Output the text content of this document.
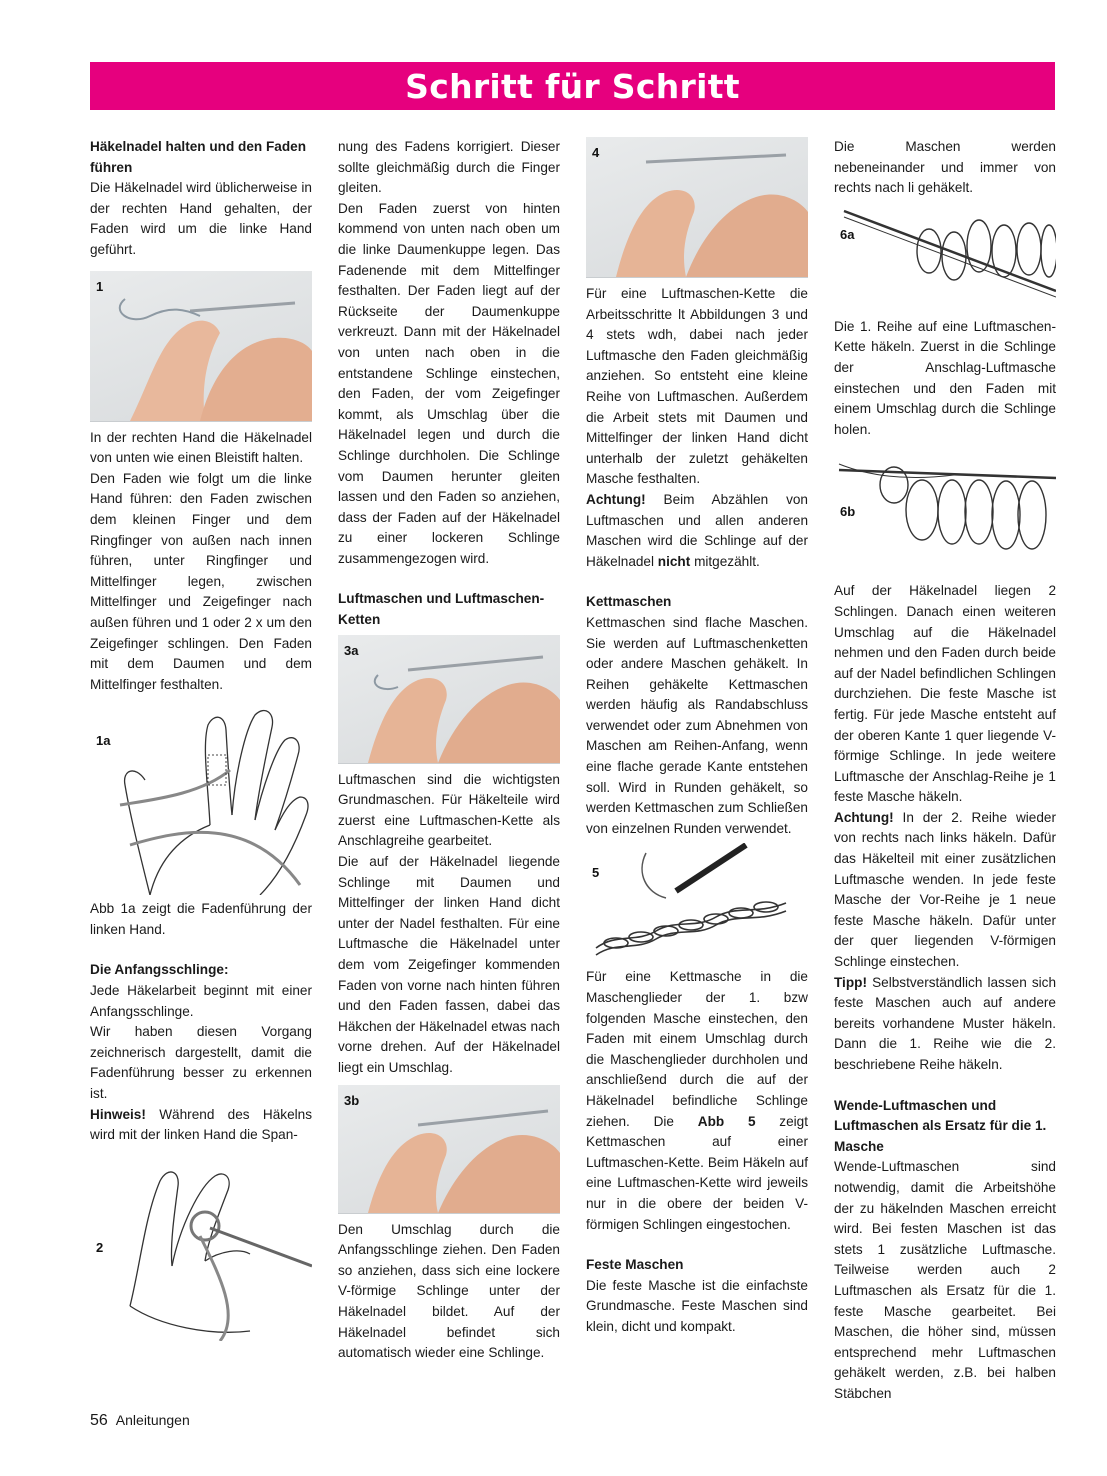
Schritt für Schritt

Häkelnadel halten und den Faden führen

Die Häkelnadel wird üblicherweise in der rechten Hand gehalten, der Faden wird um die linke Hand geführt.

1

In der rechten Hand die Häkelnadel von unten wie einen Bleistift halten.

Den Faden wie folgt um die linke Hand führen: den Faden zwischen dem kleinen Finger und dem Ringfinger von außen nach innen führen, unter Ringfinger und Mittelfinger legen, zwischen Mittelfinger und Zeigefinger nach außen führen und 1 oder 2 x um den Zeigefinger schlingen. Den Faden mit dem Daumen und dem Mittelfinger festhalten.

1a

Abb 1a zeigt die Fadenführung der linken Hand.

Die Anfangsschlinge:

Jede Häkelarbeit beginnt mit einer Anfangsschlinge.

Wir haben diesen Vorgang zeichnerisch dargestellt, damit die Fadenführung besser zu erkennen ist.

Hinweis! Während des Häkelns wird mit der linken Hand die Span-

2

nung des Fadens korrigiert. Dieser sollte gleichmäßig durch die Finger gleiten.

Den Faden zuerst von hinten kommend von unten nach oben um die linke Daumenkuppe legen. Das Fadenende mit dem Mittelfinger festhalten. Der Faden liegt auf der Rückseite der Daumenkuppe verkreuzt. Dann mit der Häkelnadel von unten nach oben in die entstandene Schlinge einstechen, den Faden, der vom Zeigefinger kommt, als Umschlag über die Häkelnadel legen und durch die Schlinge durchholen. Die Schlinge vom Daumen herunter gleiten lassen und den Faden so anziehen, dass der Faden auf der Häkelnadel zu einer lockeren Schlinge zusammengezogen wird.

Luftmaschen und Luftmaschen-Ketten

3a

Luftmaschen sind die wichtigsten Grundmaschen. Für Häkelteile wird zuerst eine Luftmaschen-Kette als Anschlagreihe gearbeitet.

Die auf der Häkelnadel liegende Schlinge mit Daumen und Mittelfinger der linken Hand dicht unter der Nadel festhalten. Für eine Luftmasche die Häkelnadel unter dem vom Zeigefinger kommenden Faden von vorne nach hinten führen und den Faden fassen, dabei das Häkchen der Häkelnadel etwas nach vorne drehen. Auf der Häkelnadel liegt ein Umschlag.

3b

Den Umschlag durch die Anfangsschlinge ziehen. Den Faden so anziehen, dass sich eine lockere V-förmige Schlinge unter der Häkelnadel bildet. Auf der Häkelnadel befindet sich automatisch wieder eine Schlinge.

4

Für eine Luftmaschen-Kette die Arbeitsschritte lt Abbildungen 3 und 4 stets wdh, dabei nach jeder Luftmasche den Faden gleichmäßig anziehen. So entsteht eine kleine Reihe von Luftmaschen. Außerdem die Arbeit stets mit Daumen und Mittelfinger der linken Hand dicht unterhalb der zuletzt gehäkelten Masche festhalten.

Achtung! Beim Abzählen von Luftmaschen und allen anderen Maschen wird die Schlinge auf der Häkelnadel nicht mitgezählt.

Kettmaschen

Kettmaschen sind flache Maschen. Sie werden auf Luftmaschenketten oder andere Maschen gehäkelt. In Reihen gehäkelte Kettmaschen werden häufig als Randabschluss verwendet oder zum Abnehmen von Maschen am Reihen-Anfang, wenn eine flache gerade Kante entstehen soll. Wird in Runden gehäkelt, so werden Kettmaschen zum Schließen von einzelnen Runden verwendet.

5

Für eine Kettmasche in die Maschenglieder der 1. bzw folgenden Masche einstechen, den Faden mit einem Umschlag durch die Maschenglieder durchholen und anschließend durch die auf der Häkelnadel befindliche Schlinge ziehen. Die Abb 5 zeigt Kettmaschen auf einer Luftmaschen-Kette. Beim Häkeln auf eine Luftmaschen-Kette wird jeweils nur in die obere der beiden V-förmigen Schlingen eingestochen.

Feste Maschen

Die feste Masche ist die einfachste Grundmasche. Feste Maschen sind klein, dicht und kompakt.

Die Maschen werden nebeneinander und immer von rechts nach li gehäkelt.

6a

Die 1. Reihe auf eine Luftmaschen-Kette häkeln. Zuerst in die Schlinge der Anschlag-Luftmasche einstechen und den Faden mit einem Umschlag durch die Schlinge holen.

6b

Auf der Häkelnadel liegen 2 Schlingen. Danach einen weiteren Umschlag auf die Häkelnadel nehmen und den Faden durch beide auf der Nadel befindlichen Schlingen durchziehen. Die feste Masche ist fertig. Für jede Masche entsteht auf der oberen Kante 1 quer liegende V-förmige Schlinge. In jede weitere Luftmasche der Anschlag-Reihe je 1 feste Masche häkeln.

Achtung! In der 2. Reihe wieder von rechts nach links häkeln. Dafür das Häkelteil mit einer zusätzlichen Luftmasche wenden. In jede feste Masche der Vor-Reihe je 1 neue feste Masche häkeln. Dafür unter der quer liegenden V-förmigen Schlinge einstechen.

Tipp! Selbstverständlich lassen sich feste Maschen auch auf andere bereits vorhandene Muster häkeln. Dann die 1. Reihe wie die 2. beschriebene Reihe häkeln.

Wende-Luftmaschen und Luftmaschen als Ersatz für die 1. Masche

Wende-Luftmaschen sind notwendig, damit die Arbeitshöhe der zu häkelnden Maschen erreicht wird. Bei festen Maschen ist das stets 1 zusätzliche Luftmasche. Teilweise werden auch 2 Luftmaschen als Ersatz für die 1. feste Masche gearbeitet. Bei Maschen, die höher sind, müssen entsprechend mehr Luftmaschen gehäkelt werden, z.B. bei halben Stäbchen

56 Anleitungen
